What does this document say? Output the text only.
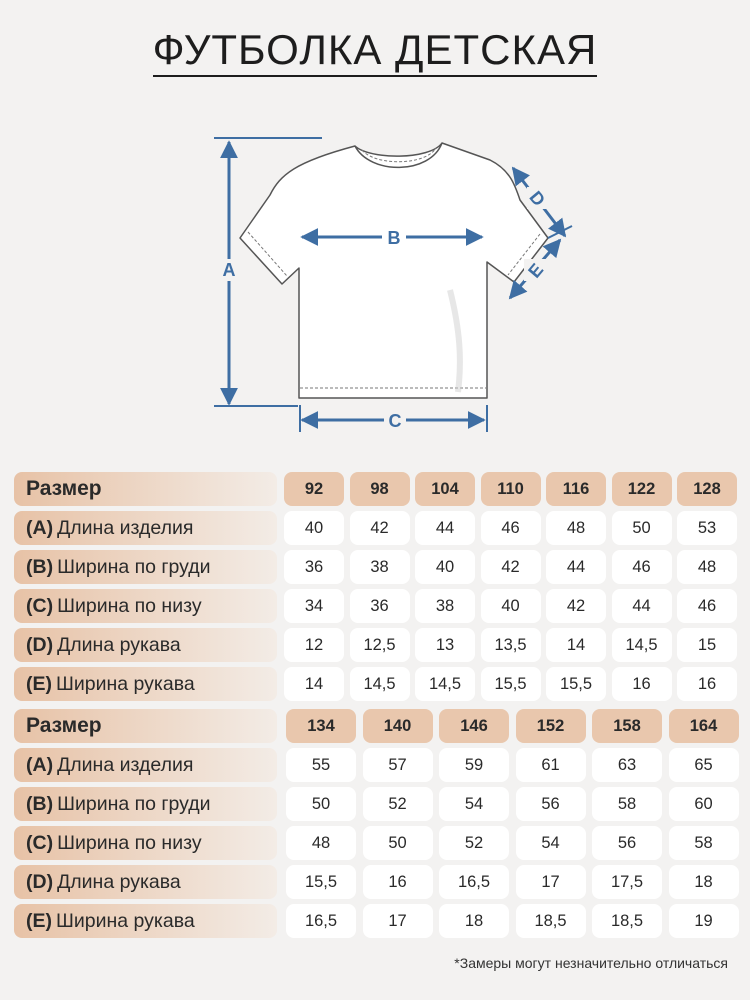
ФУТБОЛКА ДЕТСКАЯ
A
B
C
D
E
Размер	92	98	104	110	116	122	128
(A) Длина изделия	40	42	44	46	48	50	53
(B) Ширина по груди	36	38	40	42	44	46	48
(C) Ширина по низу	34	36	38	40	42	44	46
(D) Длина рукава	12	12,5	13	13,5	14	14,5	15
(E) Ширина рукава	14	14,5	14,5	15,5	15,5	16	16
Размер	134	140	146	152	158	164
(A) Длина изделия	55	57	59	61	63	65
(B) Ширина по груди	50	52	54	56	58	60
(C) Ширина по низу	48	50	52	54	56	58
(D) Длина рукава	15,5	16	16,5	17	17,5	18
(E) Ширина рукава	16,5	17	18	18,5	18,5	19
*Замеры могут незначительно отличаться
